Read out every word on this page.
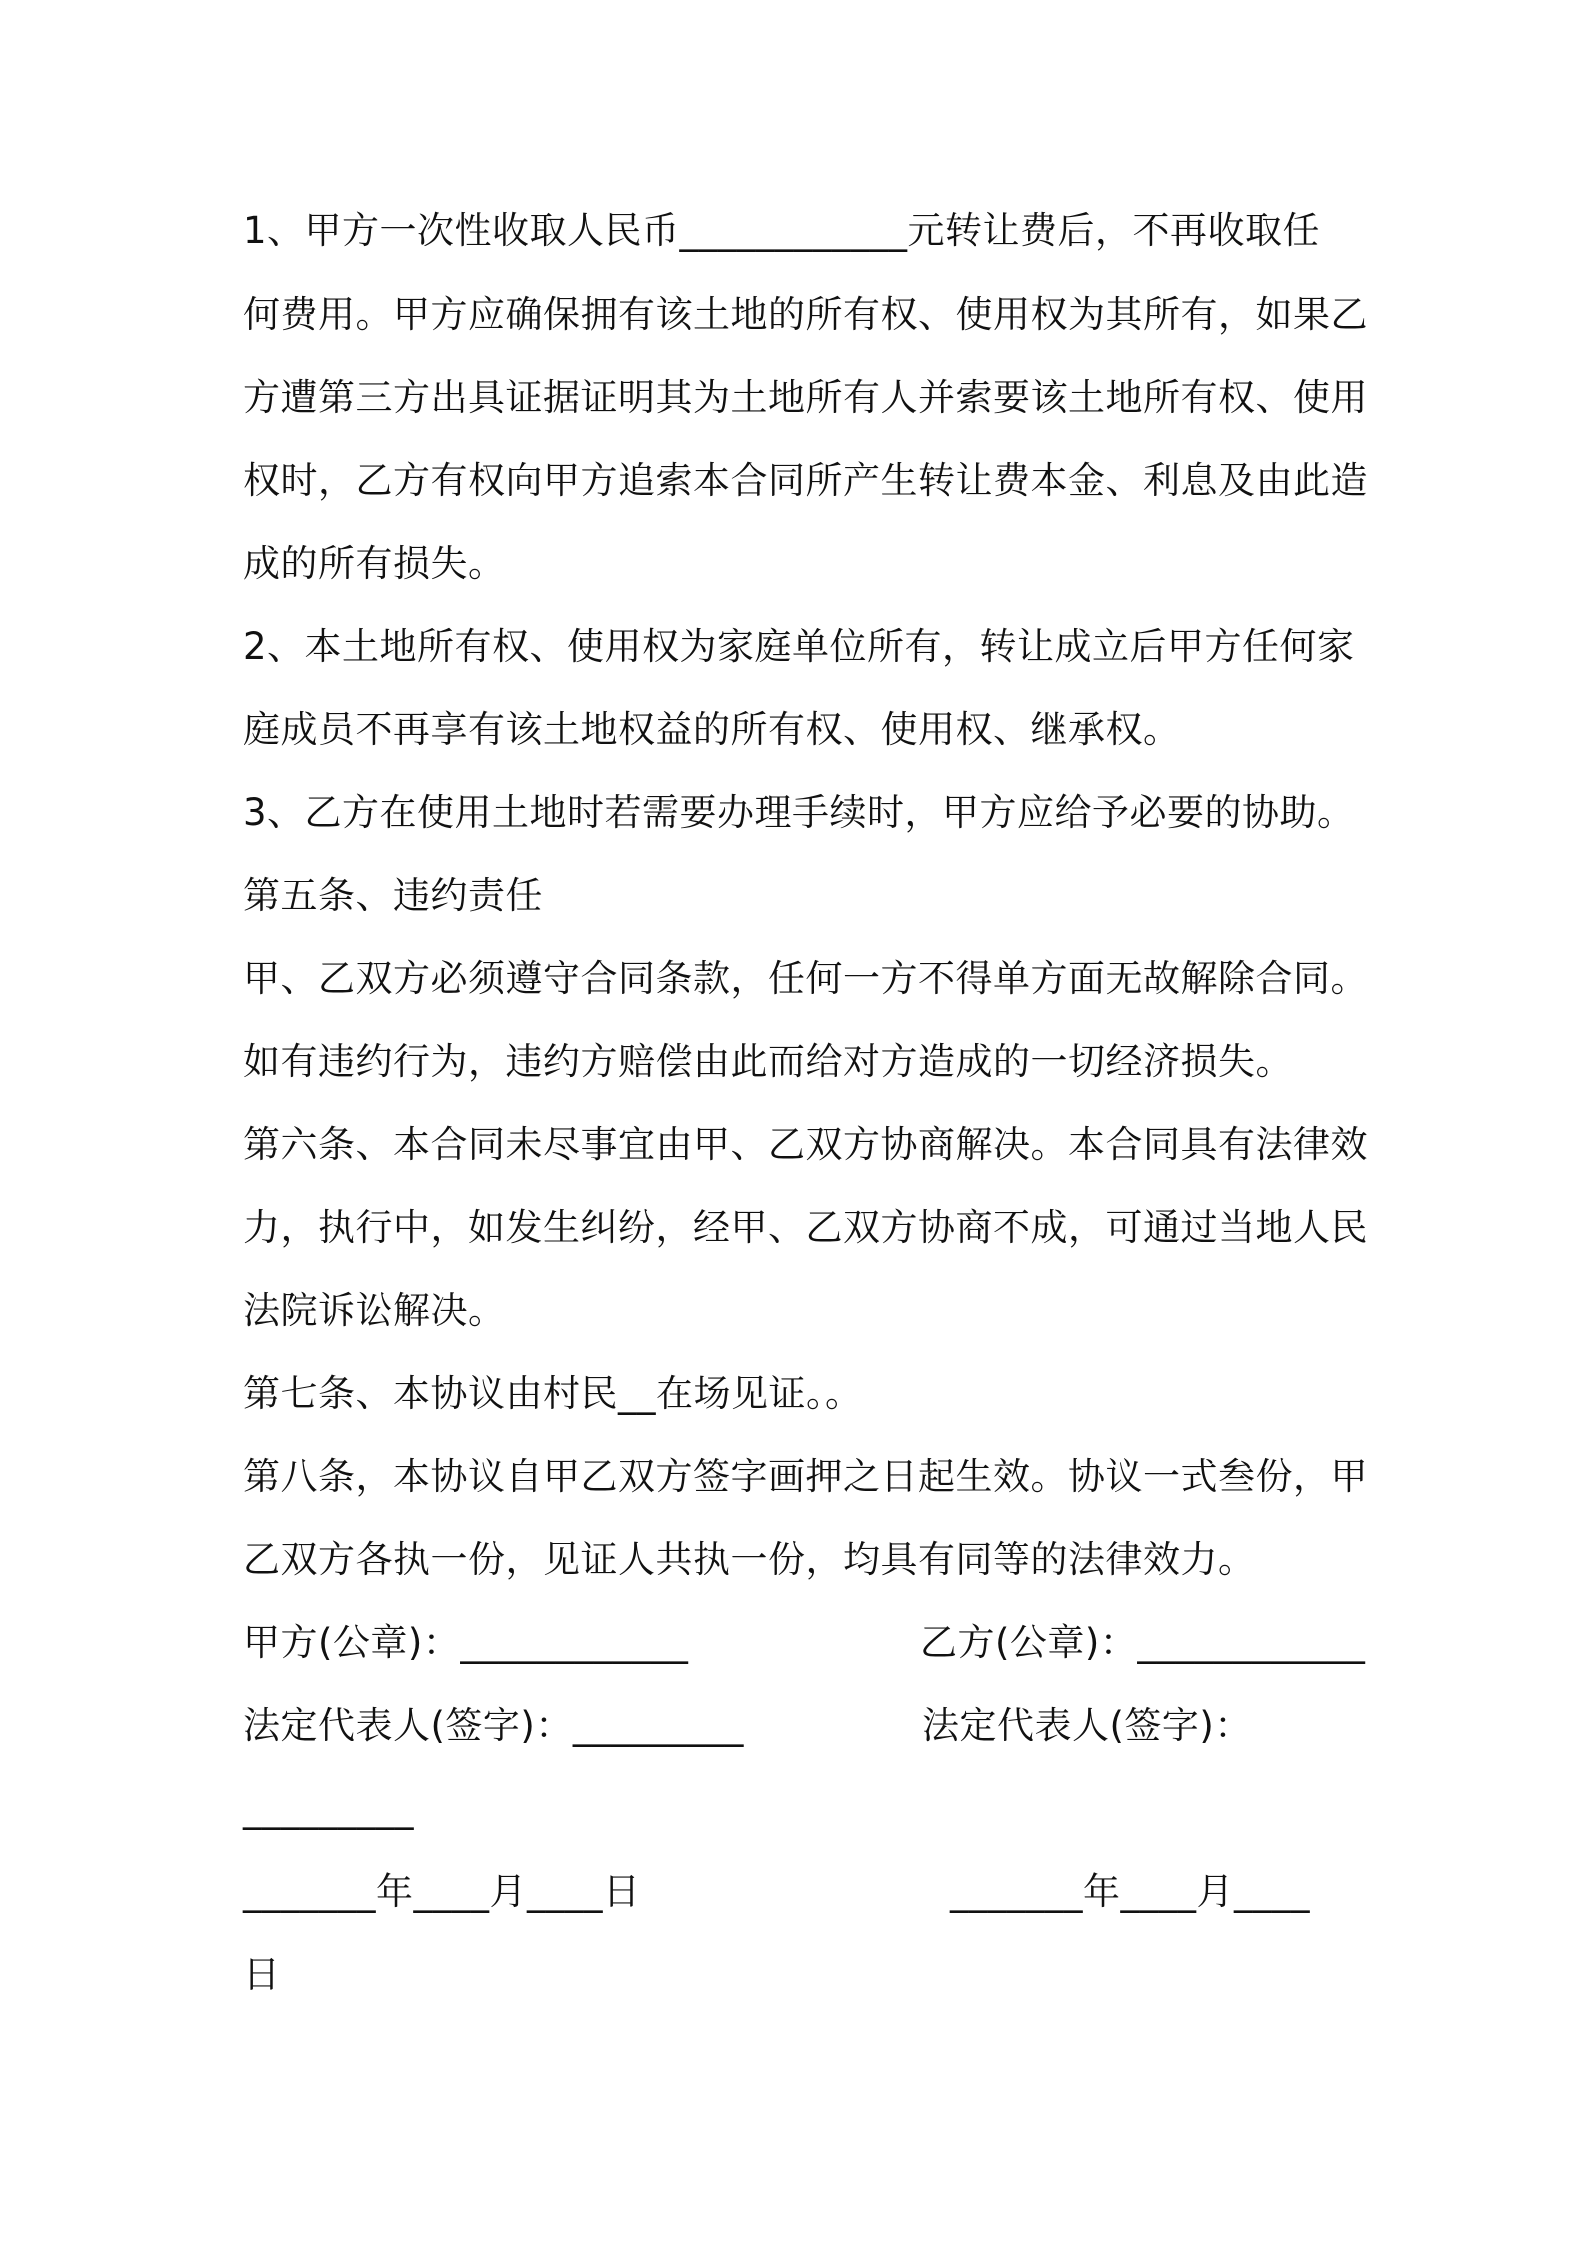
1、甲方一次性收取人民币____________元转让费后，不再收取任
何费用。甲方应确保拥有该土地的所有权、使用权为其所有，如果乙
方遭第三方出具证据证明其为土地所有人并索要该土地所有权、使用
权时，乙方有权向甲方追索本合同所产生转让费本金、利息及由此造
成的所有损失。
2、本土地所有权、使用权为家庭单位所有，转让成立后甲方任何家
庭成员不再享有该土地权益的所有权、使用权、继承权。
3、乙方在使用土地时若需要办理手续时，甲方应给予必要的协助。
第五条、违约责任
甲、乙双方必须遵守合同条款，任何一方不得单方面无故解除合同。
如有违约行为，违约方赔偿由此而给对方造成的一切经济损失。
第六条、本合同未尽事宜由甲、乙双方协商解决。本合同具有法律效
力，执行中，如发生纠纷，经甲、乙双方协商不成，可通过当地人民
法院诉讼解决。
第七条、本协议由村民__在场见证。。
第八条，本协议自甲乙双方签字画押之日起生效。协议一式叁份，甲
乙双方各执一份，见证人共执一份，均具有同等的法律效力。
甲方(公章)：____________	乙方(公章)：____________
法定代表人(签字)：_________	法定代表人(签字)：
_________
_______年____月____日	_______年____月____
日
